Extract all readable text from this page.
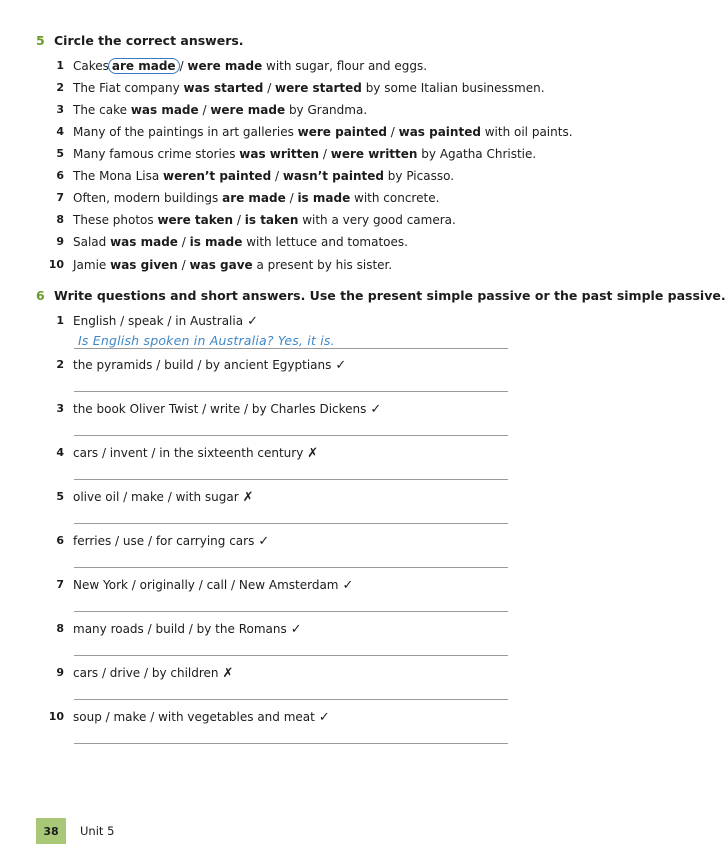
5 Circle the correct answers.
1 Cakes are made / were made with sugar, flour and eggs.
2 The Fiat company was started / were started by some Italian businessmen.
3 The cake was made / were made by Grandma.
4 Many of the paintings in art galleries were painted / was painted with oil paints.
5 Many famous crime stories was written / were written by Agatha Christie.
6 The Mona Lisa weren’t painted / wasn’t painted by Picasso.
7 Often, modern buildings are made / is made with concrete.
8 These photos were taken / is taken with a very good camera.
9 Salad was made / is made with lettuce and tomatoes.
10 Jamie was given / was gave a present by his sister.
6 Write questions and short answers. Use the present simple passive or the past simple passive.
1 English / speak / in Australia ✓
Is English spoken in Australia? Yes, it is.
2 the pyramids / build / by ancient Egyptians ✓
3 the book Oliver Twist / write / by Charles Dickens ✓
4 cars / invent / in the sixteenth century ✗
5 olive oil / make / with sugar ✗
6 ferries / use / for carrying cars ✓
7 New York / originally / call / New Amsterdam ✓
8 many roads / build / by the Romans ✓
9 cars / drive / by children ✗
10 soup / make / with vegetables and meat ✓
38	Unit 5
